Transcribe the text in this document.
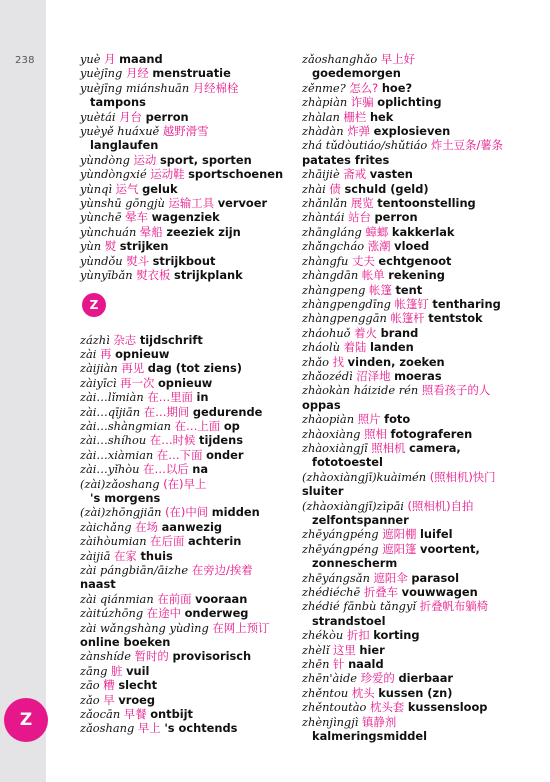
238
Z
yuè 月 maand
yuèjīng 月经 menstruatie
yuèjīng miánshuān 月经棉栓
tampons
yuètái 月台 perron
yuèyě huáxuě 越野滑雪
langlaufen
yùndòng 运动 sport, sporten
yùndòngxié 运动鞋 sportschoenen
yùnqì 运气 geluk
yùnshū gōngjù 运输工具 vervoer
yùnchē 晕车 wagenziek
yùnchuán 晕船 zeeziek zijn
yùn 熨 strijken
yùndǒu 熨斗 strijkbout
yùnyībǎn 熨衣板 strijkplank
Z
zázhì 杂志 tijdschrift
zài 再 opnieuw
zàijiàn 再见 dag (tot ziens)
zàiyīcì 再一次 opnieuw
zài…lǐmiàn 在…里面 in
zài…qījiān 在…期间 gedurende
zài…shàngmian 在…上面 op
zài…shíhou 在…时候 tijdens
zài…xiàmian 在…下面 onder
zài…yǐhòu 在…以后 na
(zài)zǎoshang (在)早上
's morgens
(zài)zhōngjiān (在)中间 midden
zàichǎng 在场 aanwezig
zàihòumian 在后面 achterin
zàijiā 在家 thuis
zài pángbiān/āizhe 在旁边/挨着 naast
zài qiánmian 在前面 vooraan
zàitúzhōng 在途中 onderweg
zài wǎngshàng yùdìng 在网上预订 online boeken
zànshíde 暂时的 provisorisch
zāng 脏 vuil
zāo 糟 slecht
zǎo 早 vroeg
zǎocān 早餐 ontbijt
zǎoshang 早上 's ochtends
zǎoshanghǎo 早上好
goedemorgen
zěnme? 怎么? hoe?
zhàpiàn 诈骗 oplichting
zhàlan 栅栏 hek
zhàdàn 炸弹 explosieven
zhá tǔdòutiáo/shǔtiáo 炸土豆条/薯条 patates frites
zhāijiè 斋戒 vasten
zhài 债 schuld (geld)
zhǎnlǎn 展览 tentoonstelling
zhàntái 站台 perron
zhāngláng 蟑螂 kakkerlak
zhǎngcháo 涨潮 vloed
zhàngfu 丈夫 echtgenoot
zhàngdān 帐单 rekening
zhàngpeng 帐篷 tent
zhàngpengdīng 帐篷钉 tentharing
zhàngpenggān 帐篷杆 tentstok
zháohuǒ 着火 brand
zháolù 着陆 landen
zhǎo 找 vinden, zoeken
zhǎozédì 沼泽地 moeras
zhàokàn háizide rén 照看孩子的人 oppas
zhàopiàn 照片 foto
zhàoxiàng 照相 fotograferen
zhàoxiàngjī 照相机 camera,
fototoestel
(zhàoxiàngjī)kuàimén (照相机)快门 sluiter
(zhàoxiàngjī)zìpāi (照相机)自拍
zelfontspanner
zhēyángpéng 遮阳棚 luifel
zhēyángpéng 遮阳篷 voortent,
zonnescherm
zhēyángsǎn 遮阳伞 parasol
zhédiéchē 折叠车 vouwwagen
zhédié fānbù tǎngyǐ 折叠帆布躺椅
strandstoel
zhékòu 折扣 korting
zhèlǐ 这里 hier
zhēn 针 naald
zhēn'àide 珍爱的 dierbaar
zhěntou 枕头 kussen (zn)
zhěntoutào 枕头套 kussensloop
zhènjìngjì 镇静剂
kalmeringsmiddel
